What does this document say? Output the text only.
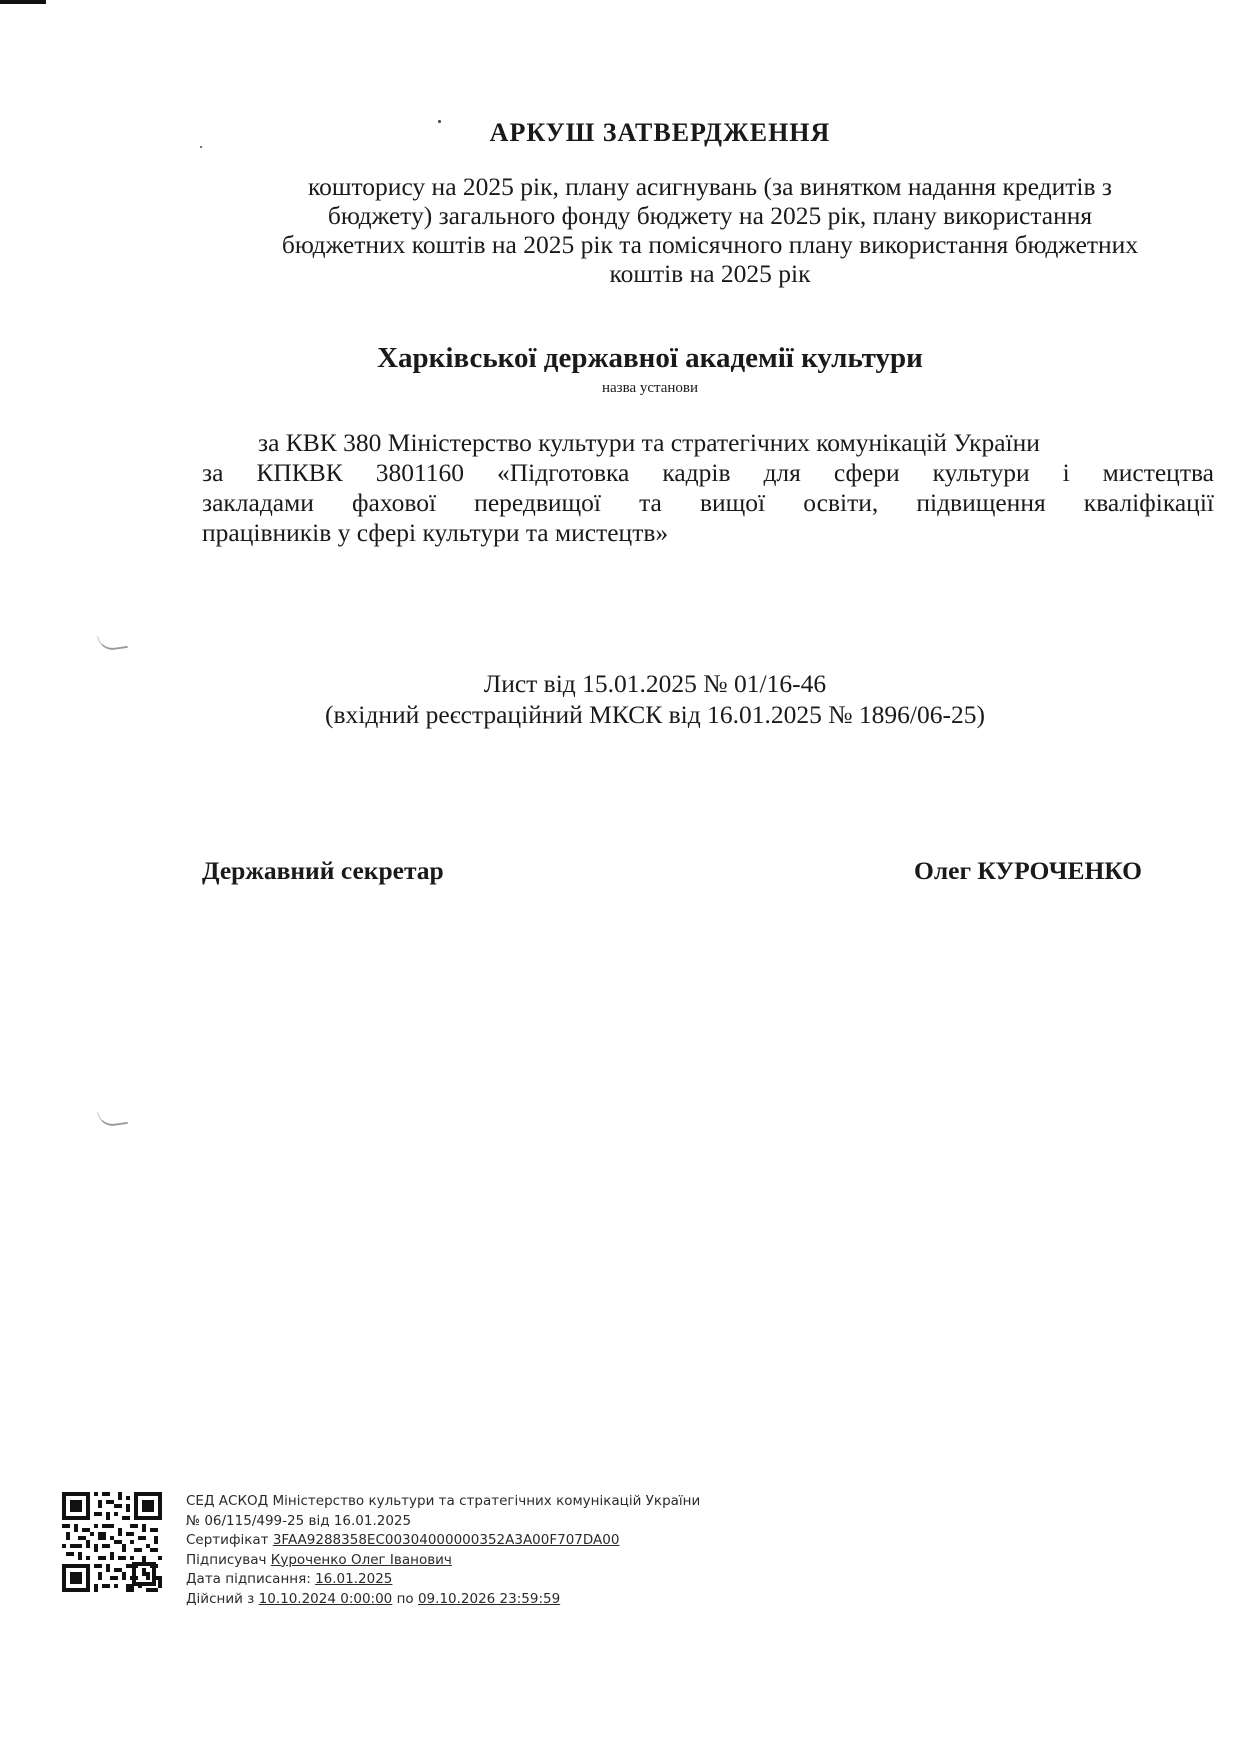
АРКУШ ЗАТВЕРДЖЕННЯ
кошторису на 2025 рік, плану асигнувань (за винятком надання кредитів з
бюджету) загального фонду бюджету на 2025 рік, плану використання
бюджетних коштів на 2025 рік та помісячного плану використання бюджетних
коштів на 2025 рік
Харківської державної академії культури
назва установи
за КВК 380 Міністерство культури та стратегічних комунікацій України
за КПКВК 3801160 «Підготовка кадрів для сфери культури і мистецтва
закладами фахової передвищої та вищої освіти, підвищення кваліфікації
працівників у сфері культури та мистецтв»
Лист від 15.01.2025 № 01/16-46
(вхідний реєстраційний МКСК від 16.01.2025 № 1896/06-25)
Державний секретар	Олег КУРОЧЕНКО
СЕД АСКОД Міністерство культури та стратегічних комунікацій України
№ 06/115/499-25 від 16.01.2025
Сертифікат 3FAA9288358EC00304000000352A3A00F707DA00
Підписувач Куроченко Олег Іванович
Дата підписання: 16.01.2025
Дійсний з 10.10.2024 0:00:00 по 09.10.2026 23:59:59
